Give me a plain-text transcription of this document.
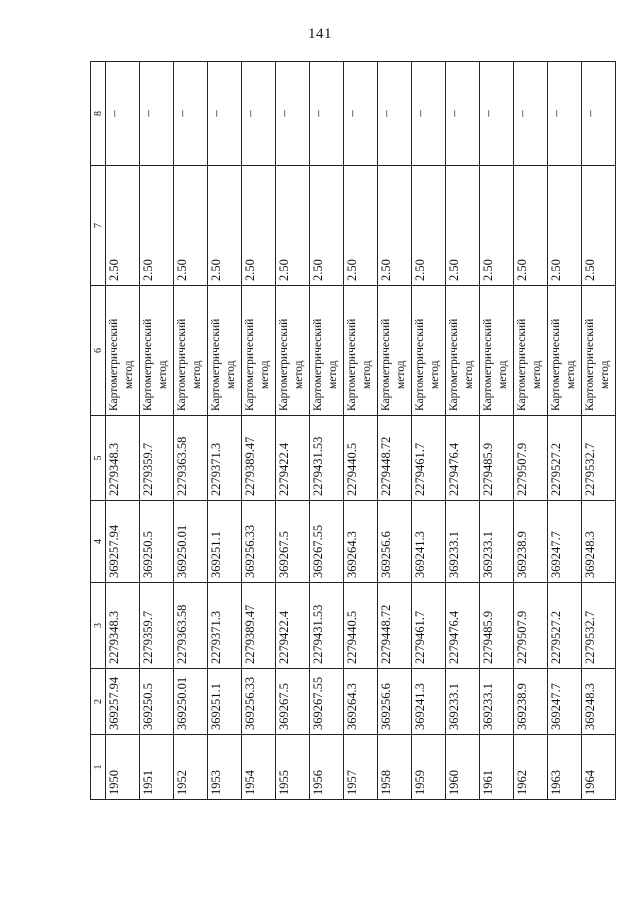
141
1	2	3	4	5	6	7	8
1950	369257.94	2279348.3	369257.94	2279348.3	Картометрический метод	2.50	–
1951	369250.5	2279359.7	369250.5	2279359.7	Картометрический метод	2.50	–
1952	369250.01	2279363.58	369250.01	2279363.58	Картометрический метод	2.50	–
1953	369251.1	2279371.3	369251.1	2279371.3	Картометрический метод	2.50	–
1954	369256.33	2279389.47	369256.33	2279389.47	Картометрический метод	2.50	–
1955	369267.5	2279422.4	369267.5	2279422.4	Картометрический метод	2.50	–
1956	369267.55	2279431.53	369267.55	2279431.53	Картометрический метод	2.50	–
1957	369264.3	2279440.5	369264.3	2279440.5	Картометрический метод	2.50	–
1958	369256.6	2279448.72	369256.6	2279448.72	Картометрический метод	2.50	–
1959	369241.3	2279461.7	369241.3	2279461.7	Картометрический метод	2.50	–
1960	369233.1	2279476.4	369233.1	2279476.4	Картометрический метод	2.50	–
1961	369233.1	2279485.9	369233.1	2279485.9	Картометрический метод	2.50	–
1962	369238.9	2279507.9	369238.9	2279507.9	Картометрический метод	2.50	–
1963	369247.7	2279527.2	369247.7	2279527.2	Картометрический метод	2.50	–
1964	369248.3	2279532.7	369248.3	2279532.7	Картометрический метод	2.50	–
